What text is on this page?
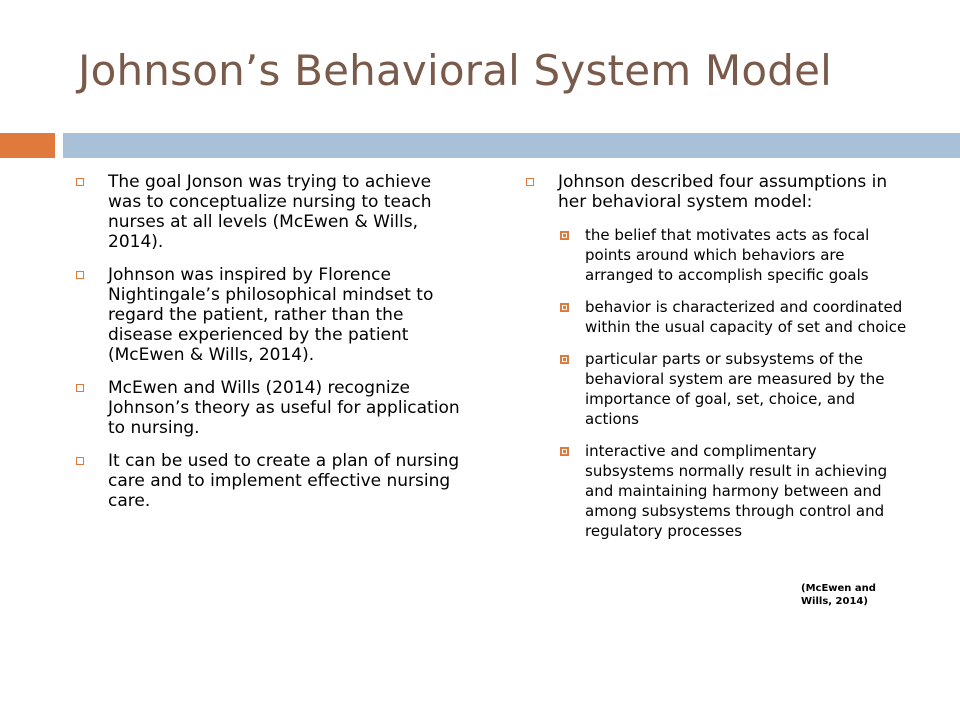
Johnson’s Behavioral System Model
The goal Jonson was trying to achieve was to conceptualize nursing to teach nurses at all levels (McEwen & Wills, 2014).
Johnson was inspired by Florence Nightingale’s philosophical mindset to regard the patient, rather than the disease experienced by the patient (McEwen & Wills, 2014).
McEwen and Wills (2014) recognize Johnson’s theory as useful for application to nursing.
It can be used to create a plan of nursing care and to implement effective nursing care.
Johnson described four assumptions in her behavioral system model:
the belief that motivates acts as focal points around which behaviors are arranged to accomplish specific goals
behavior is characterized and coordinated within the usual capacity of set and choice
particular parts or subsystems of the behavioral system are measured by the importance of goal, set, choice, and actions
interactive and complimentary subsystems normally result in achieving and maintaining harmony between and among subsystems through control and regulatory processes
(McEwen and Wills, 2014)
